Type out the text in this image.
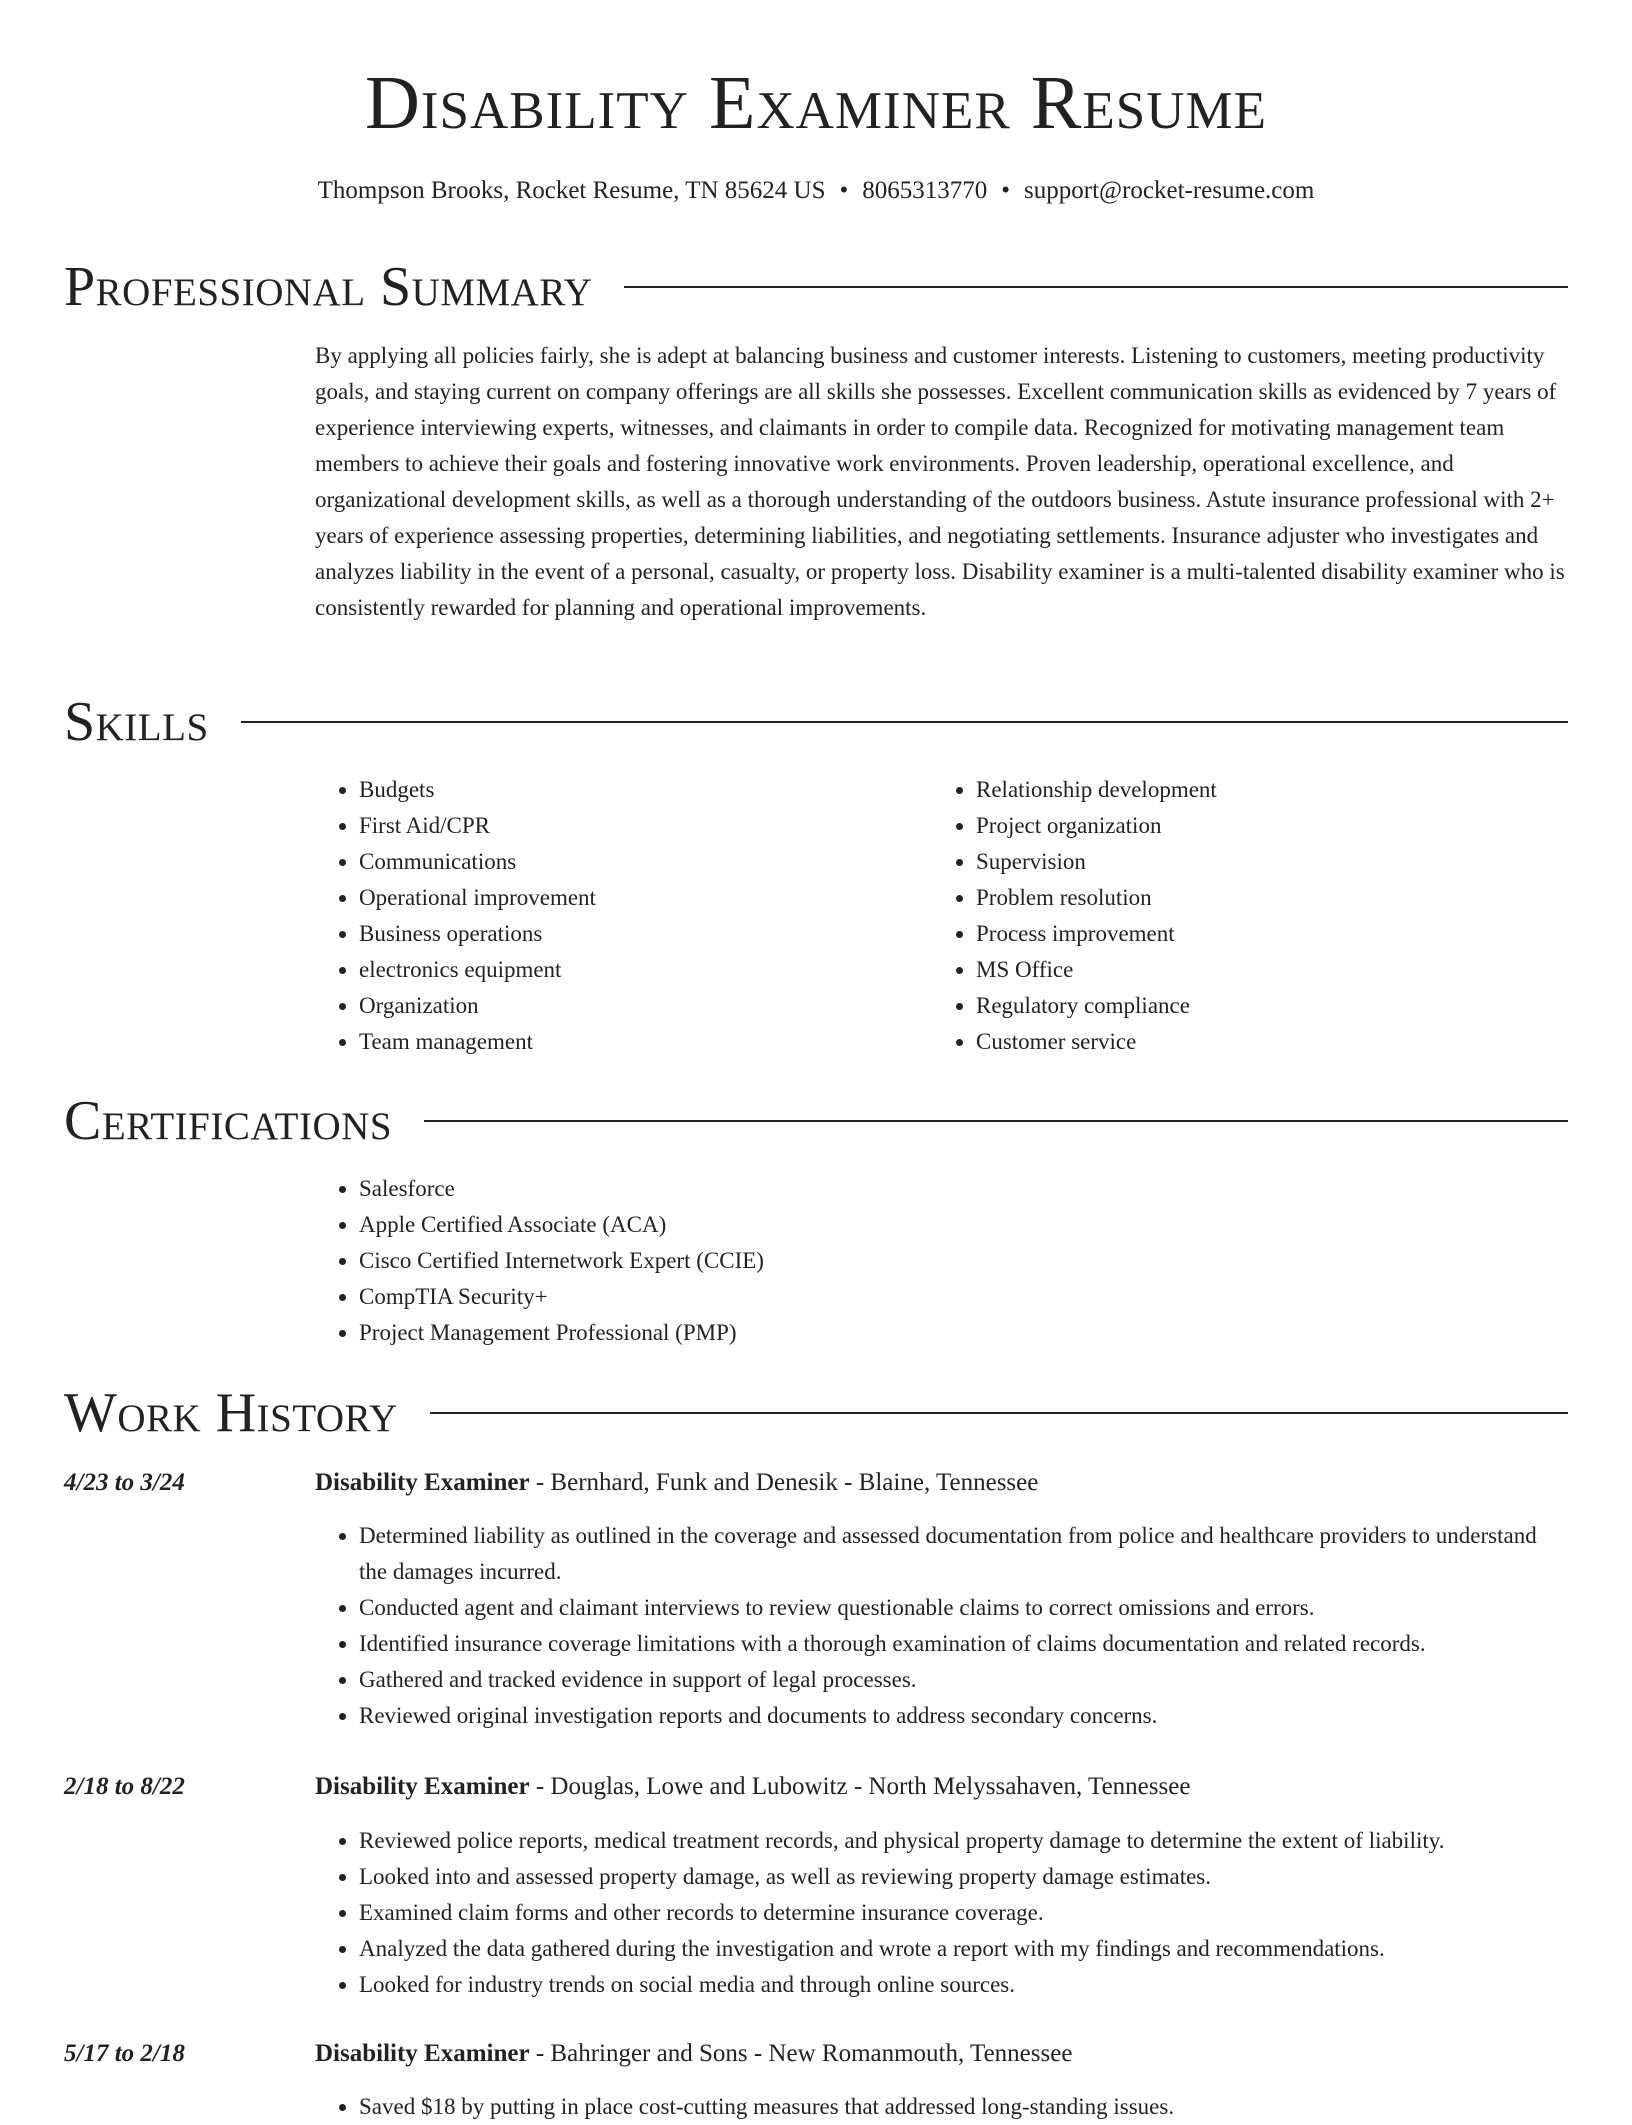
Disability Examiner Resume
Thompson Brooks, Rocket Resume, TN 85624 US • 8065313770 • support@rocket-resume.com
Professional Summary

By applying all policies fairly, she is adept at balancing business and customer interests. Listening to customers, meeting productivity goals, and staying current on company offerings are all skills she possesses. Excellent communication skills as evidenced by 7 years of experience interviewing experts, witnesses, and claimants in order to compile data. Recognized for motivating management team members to achieve their goals and fostering innovative work environments. Proven leadership, operational excellence, and organizational development skills, as well as a thorough understanding of the outdoors business. Astute insurance professional with 2+ years of experience assessing properties, determining liabilities, and negotiating settlements. Insurance adjuster who investigates and analyzes liability in the event of a personal, casualty, or property loss. Disability examiner is a multi-talented disability examiner who is consistently rewarded for planning and operational improvements.

Skills
• Budgets
• First Aid/CPR
• Communications
• Operational improvement
• Business operations
• electronics equipment
• Organization
• Team management
• Relationship development
• Project organization
• Supervision
• Problem resolution
• Process improvement
• MS Office
• Regulatory compliance
• Customer service
Certifications
• Salesforce
• Apple Certified Associate (ACA)
• Cisco Certified Internetwork Expert (CCIE)
• CompTIA Security+
• Project Management Professional (PMP)
Work History
4/23 to 3/24	Disability Examiner - Bernhard, Funk and Denesik - Blaine, Tennessee
• Determined liability as outlined in the coverage and assessed documentation from police and healthcare providers to understand the damages incurred.
• Conducted agent and claimant interviews to review questionable claims to correct omissions and errors.
• Identified insurance coverage limitations with a thorough examination of claims documentation and related records.
• Gathered and tracked evidence in support of legal processes.
• Reviewed original investigation reports and documents to address secondary concerns.
2/18 to 8/22	Disability Examiner - Douglas, Lowe and Lubowitz - North Melyssahaven, Tennessee
• Reviewed police reports, medical treatment records, and physical property damage to determine the extent of liability.
• Looked into and assessed property damage, as well as reviewing property damage estimates.
• Examined claim forms and other records to determine insurance coverage.
• Analyzed the data gathered during the investigation and wrote a report with my findings and recommendations.
• Looked for industry trends on social media and through online sources.
5/17 to 2/18	Disability Examiner - Bahringer and Sons - New Romanmouth, Tennessee
• Saved $18 by putting in place cost-cutting measures that addressed long-standing issues.
